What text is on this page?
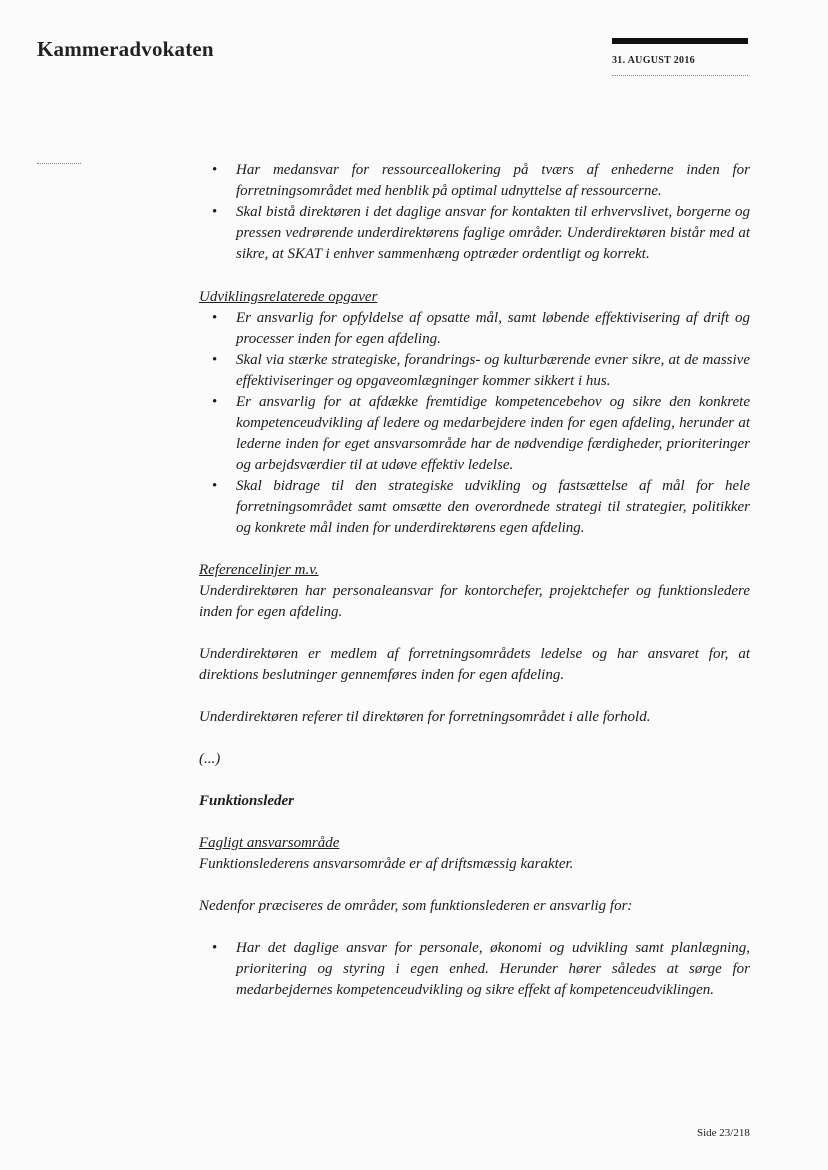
Kammeradvokaten	31. AUGUST 2016
• Har medansvar for ressourceallokering på tværs af enhederne inden for forretningsområdet med henblik på optimal udnyttelse af ressourcerne.
• Skal bistå direktøren i det daglige ansvar for kontakten til erhvervslivet, borgerne og pressen vedrørende underdirektørens faglige områder. Underdirektøren bistår med at sikre, at SKAT i enhver sammenhæng optræder ordentligt og korrekt.
Udviklingsrelaterede opgaver
• Er ansvarlig for opfyldelse af opsatte mål, samt løbende effektivisering af drift og processer inden for egen afdeling.
• Skal via stærke strategiske, forandrings- og kulturbærende evner sikre, at de massive effektiviseringer og opgaveomlægninger kommer sikkert i hus.
• Er ansvarlig for at afdække fremtidige kompetencebehov og sikre den konkrete kompetenceudvikling af ledere og medarbejdere inden for egen afdeling, herunder at lederne inden for eget ansvarsområde har de nødvendige færdigheder, prioriteringer og arbejdsværdier til at udøve effektiv ledelse.
• Skal bidrage til den strategiske udvikling og fastsættelse af mål for hele forretningsområdet samt omsætte den overordnede strategi til strategier, politikker og konkrete mål inden for underdirektørens egen afdeling.
Referencelinjer m.v.

Underdirektøren har personaleansvar for kontorchefer, projektchefer og funktionsledere inden for egen afdeling.

Underdirektøren er medlem af forretningsområdets ledelse og har ansvaret for, at direktions beslutninger gennemføres inden for egen afdeling.

Underdirektøren referer til direktøren for forretningsområdet i alle forhold.

(...)

Funktionsleder
Fagligt ansvarsområde

Funktionslederens ansvarsområde er af driftsmæssig karakter.

Nedenfor præciseres de områder, som funktionslederen er ansvarlig for:

• Har det daglige ansvar for personale, økonomi og udvikling samt planlægning, prioritering og styring i egen enhed. Herunder hører således at sørge for medarbejdernes kompetenceudvikling og sikre effekt af kompetenceudviklingen.
Side 23/218
